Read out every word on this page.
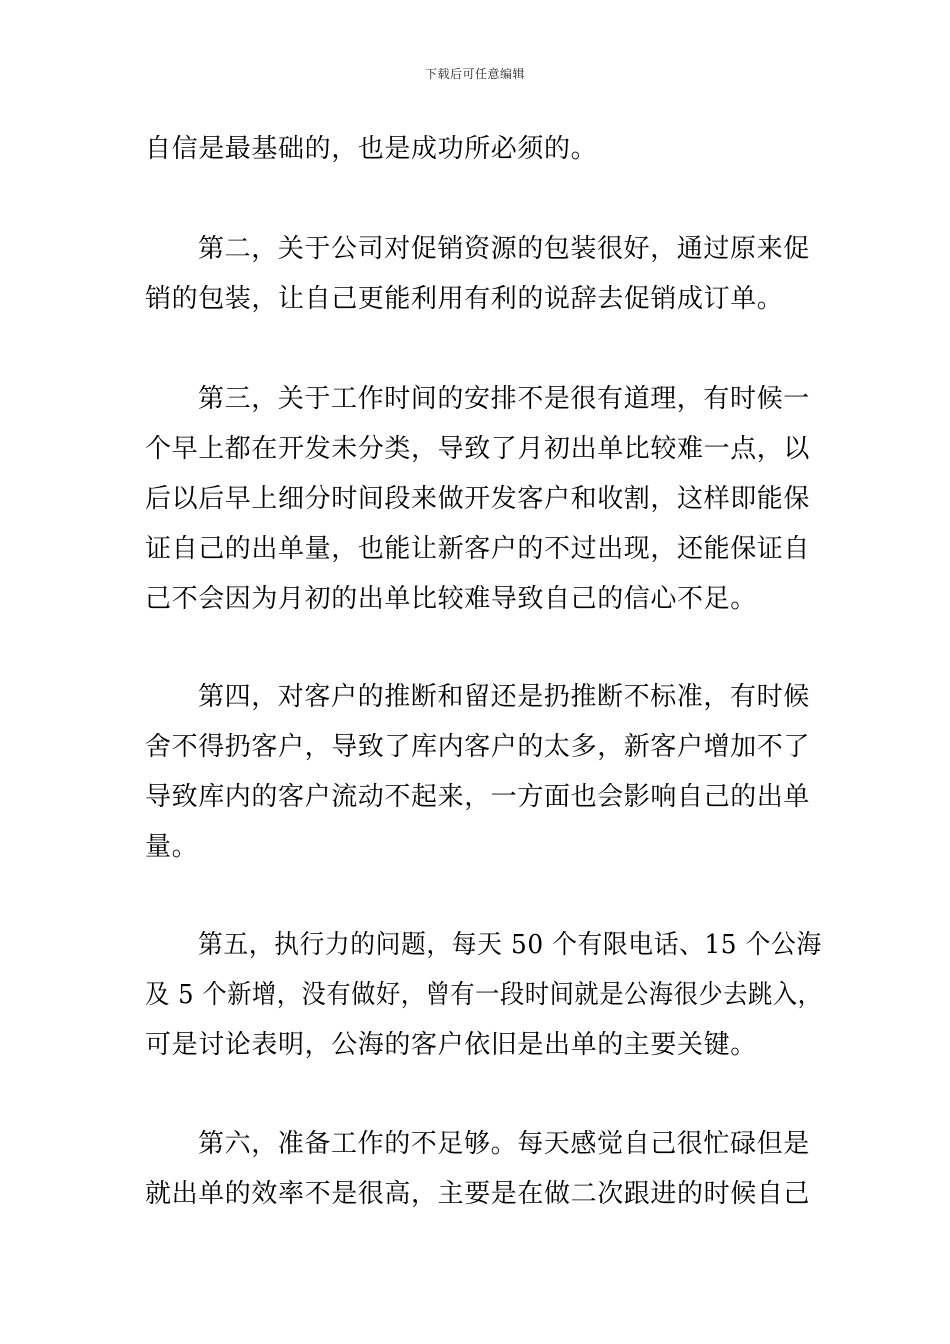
下载后可任意编辑
自信是最基础的，也是成功所必须的。
第二，关于公司对促销资源的包装很好，通过原来促
销的包装，让自己更能利用有利的说辞去促销成订单。
第三，关于工作时间的安排不是很有道理，有时候一
个早上都在开发未分类，导致了月初出单比较难一点，以
后以后早上细分时间段来做开发客户和收割，这样即能保
证自己的出单量，也能让新客户的不过出现，还能保证自
己不会因为月初的出单比较难导致自己的信心不足。
第四，对客户的推断和留还是扔推断不标准，有时候
舍不得扔客户，导致了库内客户的太多，新客户增加不了
导致库内的客户流动不起来，一方面也会影响自己的出单
量。
第五，执行力的问题，每天 50 个有限电话、15 个公海
及 5 个新增，没有做好，曾有一段时间就是公海很少去跳入，
可是讨论表明，公海的客户依旧是出单的主要关键。
第六，准备工作的不足够。每天感觉自己很忙碌但是
就出单的效率不是很高，主要是在做二次跟进的时候自己
